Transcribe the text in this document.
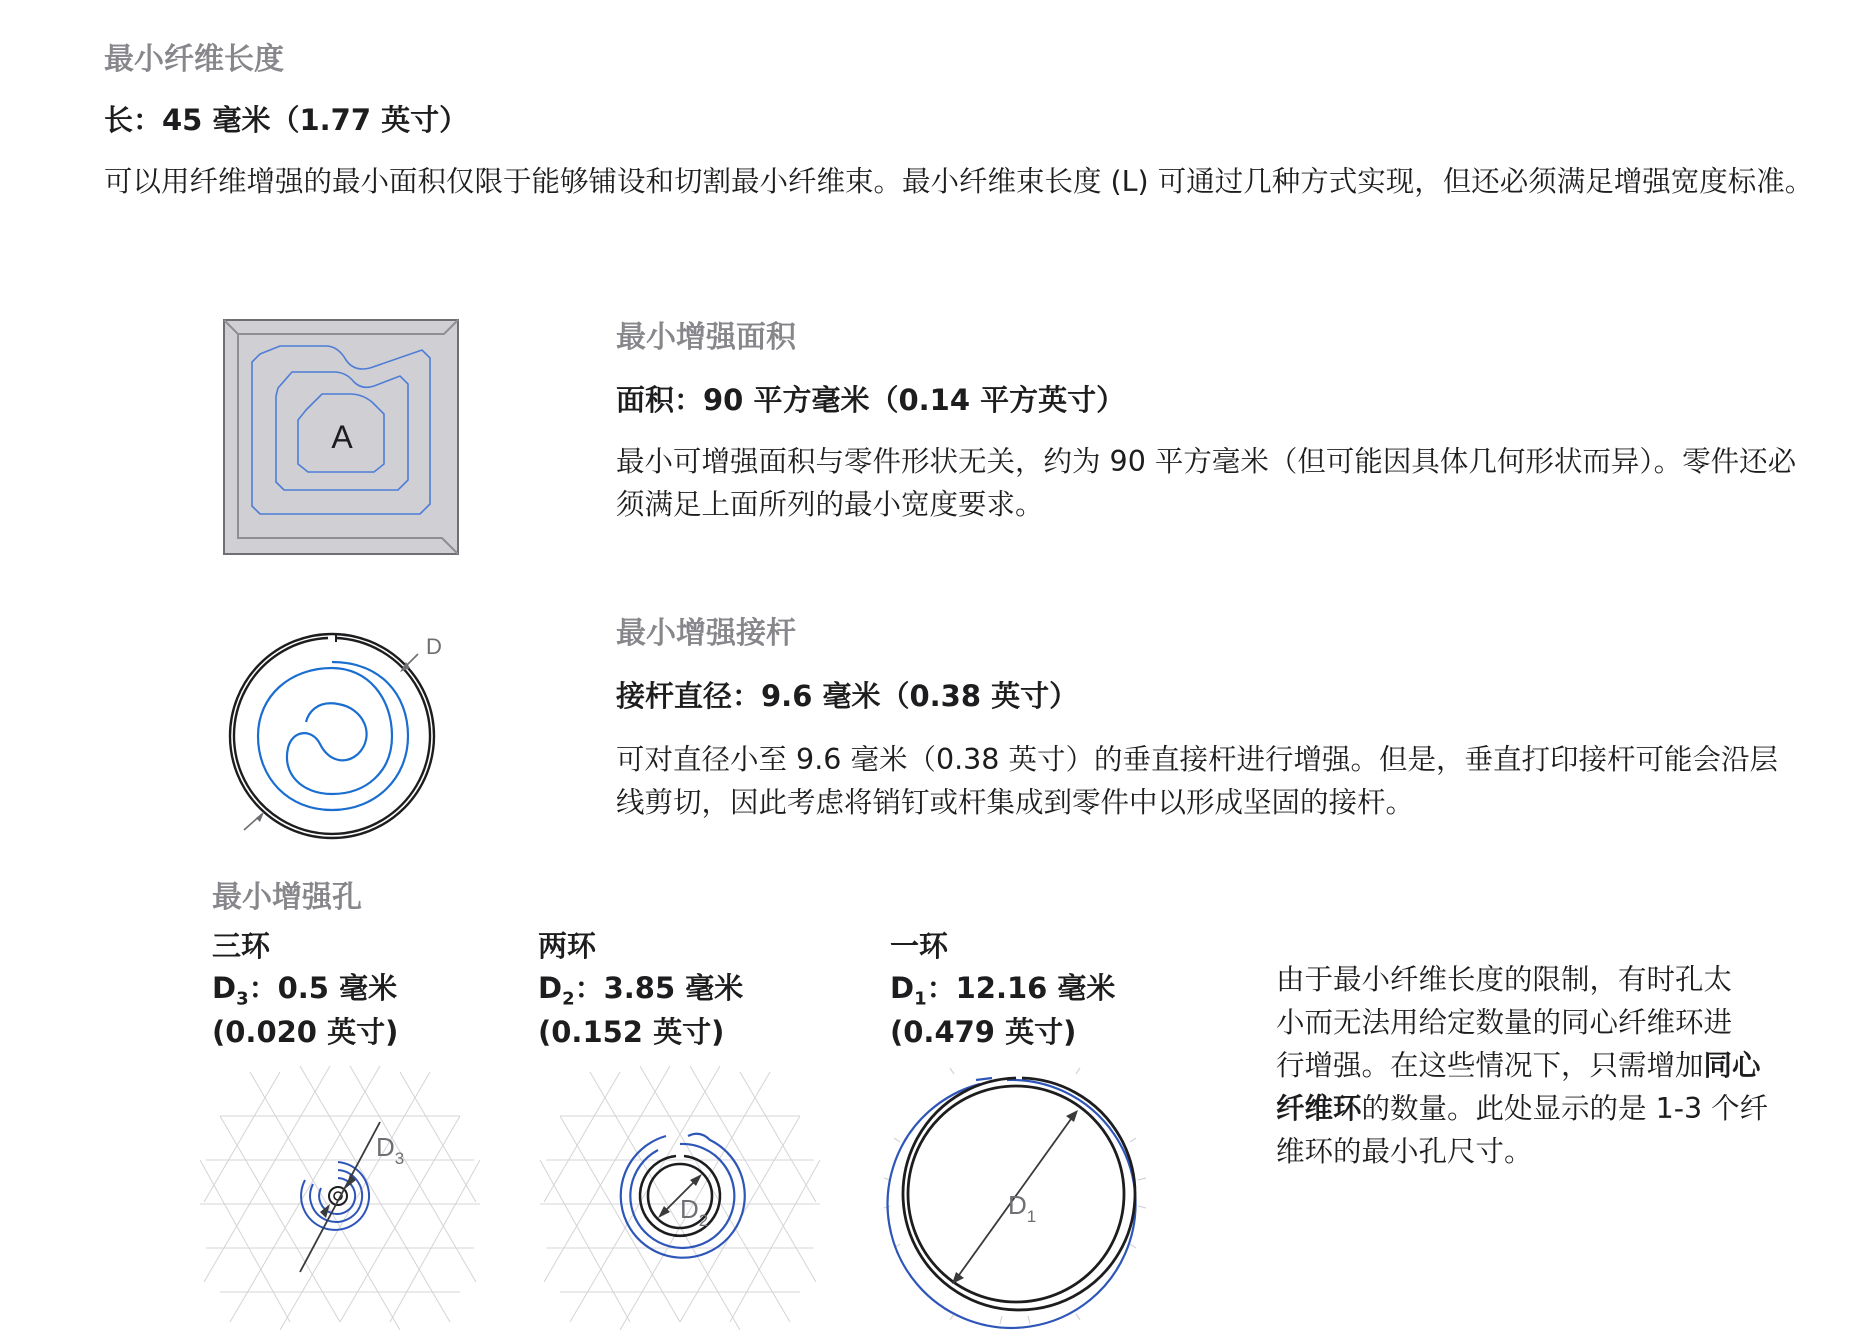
最小纤维长度
长：45 毫米（1.77 英寸）
可以用纤维增强的最小面积仅限于能够铺设和切割最小纤维束。最小纤维束长度 (L) 可通过几种方式实现，但还必须满足增强宽度标准。
A
最小增强面积
面积：90 平方毫米（0.14 平方英寸）
最小可增强面积与零件形状无关，约为 90 平方毫米（但可能因具体几何形状而异）。零件还必须满足上面所列的最小宽度要求。
D	最小增强接杆
接杆直径：9.6 毫米（0.38 英寸）
可对直径小至 9.6 毫米（0.38 英寸）的垂直接杆进行增强。但是，垂直打印接杆可能会沿层线剪切，因此考虑将销钉或杆集成到零件中以形成坚固的接杆。
最小增强孔
三环
$D_3$：0.5 毫米
(0.020 英寸)
$D_3$
两环
$D_2$：3.85 毫米
(0.152 英寸)
$D_2$
一环
$D_1$：12.16 毫米
(0.479 英寸)
$D_1$
由于最小纤维长度的限制，有时孔太
小而无法用给定数量的同心纤维环进
行增强。在这些情况下，只需增加同心
纤维环的数量。此处显示的是 1-3 个纤
维环的最小孔尺寸。
